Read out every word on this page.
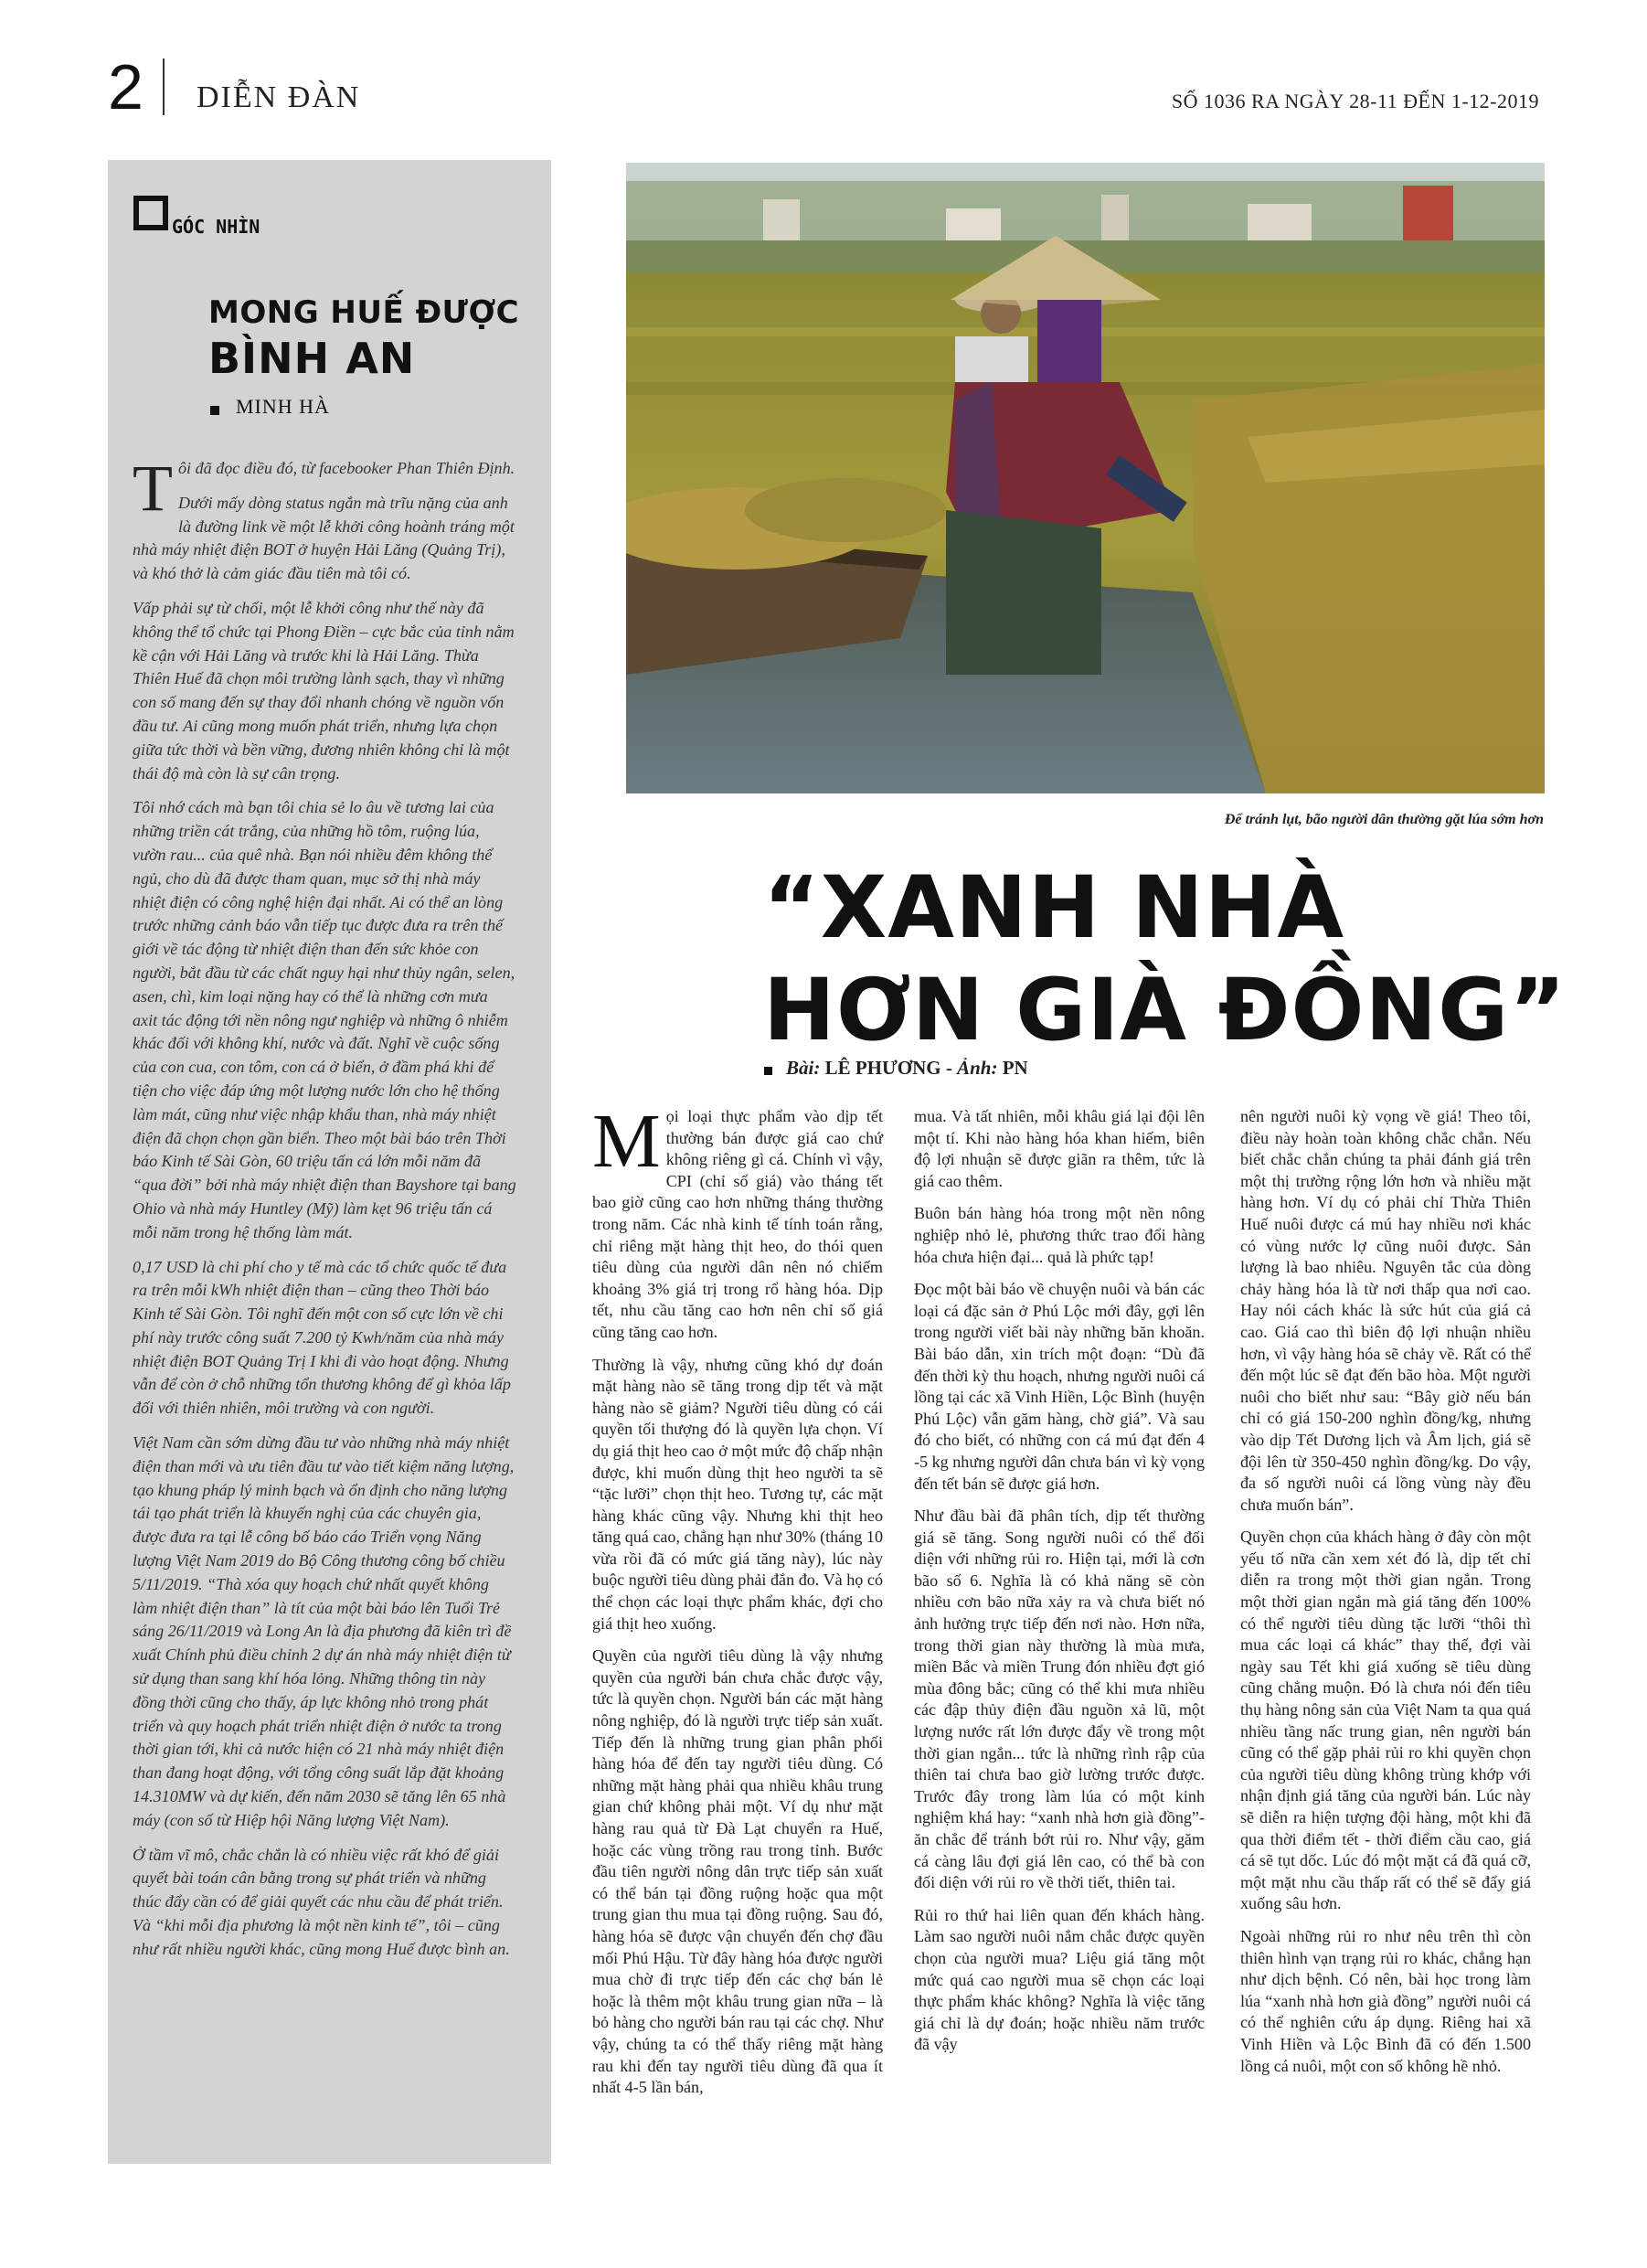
2 DIỄN ĐÀN	SỐ 1036 RA NGÀY 28-11 ĐẾN 1-12-2019
GÓC NHÌN
MONG HUẾ ĐƯỢC
BÌNH AN
MINH HÀ

Tôi đã đọc điều đó, từ facebooker Phan Thiên Định.

Dưới mấy dòng status ngắn mà trĩu nặng của anh là đường link về một lễ khởi công hoành tráng một nhà máy nhiệt điện BOT ở huyện Hải Lăng (Quảng Trị), và khó thở là cảm giác đầu tiên mà tôi có.

Vấp phải sự từ chối, một lễ khởi công như thế này đã không thể tổ chức tại Phong Điền – cực bắc của tỉnh nằm kề cận với Hải Lăng và trước khi là Hải Lăng. Thừa Thiên Huế đã chọn môi trường lành sạch, thay vì những con số mang đến sự thay đổi nhanh chóng về nguồn vốn đầu tư. Ai cũng mong muốn phát triển, nhưng lựa chọn giữa tức thời và bền vững, đương nhiên không chỉ là một thái độ mà còn là sự cân trọng.

Tôi nhớ cách mà bạn tôi chia sẻ lo âu về tương lai của những triền cát trắng, của những hồ tôm, ruộng lúa, vườn rau... của quê nhà. Bạn nói nhiều đêm không thể ngủ, cho dù đã được tham quan, mục sở thị nhà máy nhiệt điện có công nghệ hiện đại nhất. Ai có thể an lòng trước những cảnh báo vẫn tiếp tục được đưa ra trên thế giới về tác động từ nhiệt điện than đến sức khỏe con người, bắt đầu từ các chất nguy hại như thủy ngân, selen, asen, chì, kim loại nặng hay có thể là những cơn mưa axit tác động tới nền nông ngư nghiệp và những ô nhiễm khác đối với không khí, nước và đất. Nghĩ về cuộc sống của con cua, con tôm, con cá ở biển, ở đầm phá khi để tiện cho việc đáp ứng một lượng nước lớn cho hệ thống làm mát, cũng như việc nhập khẩu than, nhà máy nhiệt điện đã chọn chọn gần biển. Theo một bài báo trên Thời báo Kinh tế Sài Gòn, 60 triệu tấn cá lớn mỗi năm đã “qua đời” bởi nhà máy nhiệt điện than Bayshore tại bang Ohio và nhà máy Huntley (Mỹ) làm kẹt 96 triệu tấn cá mỗi năm trong hệ thống làm mát.

0,17 USD là chi phí cho y tế mà các tổ chức quốc tế đưa ra trên mỗi kWh nhiệt điện than – cũng theo Thời báo Kinh tế Sài Gòn. Tôi nghĩ đến một con số cực lớn về chi phí này trước công suất 7.200 tỷ Kwh/năm của nhà máy nhiệt điện BOT Quảng Trị I khi đi vào hoạt động. Nhưng vẫn để còn ở chỗ những tổn thương không để gì khỏa lấp đối với thiên nhiên, môi trường và con người.

Việt Nam cần sớm dừng đầu tư vào những nhà máy nhiệt điện than mới và ưu tiên đầu tư vào tiết kiệm năng lượng, tạo khung pháp lý minh bạch và ổn định cho năng lượng tái tạo phát triển là khuyến nghị của các chuyên gia, được đưa ra tại lễ công bố báo cáo Triển vọng Năng lượng Việt Nam 2019 do Bộ Công thương công bố chiều 5/11/2019. “Thà xóa quy hoạch chứ nhất quyết không làm nhiệt điện than” là tít của một bài báo lên Tuổi Trẻ sáng 26/11/2019 và Long An là địa phương đã kiên trì đề xuất Chính phủ điều chỉnh 2 dự án nhà máy nhiệt điện từ sử dụng than sang khí hóa lỏng. Những thông tin này đồng thời cũng cho thấy, áp lực không nhỏ trong phát triển và quy hoạch phát triển nhiệt điện ở nước ta trong thời gian tới, khi cả nước hiện có 21 nhà máy nhiệt điện than đang hoạt động, với tổng công suất lắp đặt khoảng 14.310MW và dự kiến, đến năm 2030 sẽ tăng lên 65 nhà máy (con số từ Hiệp hội Năng lượng Việt Nam).

Ở tầm vĩ mô, chắc chắn là có nhiều việc rất khó để giải quyết bài toán cân bằng trong sự phát triển và những thúc đẩy cần có để giải quyết các nhu cầu để phát triển. Và “khi mỗi địa phương là một nền kinh tế”, tôi – cũng như rất nhiều người khác, cũng mong Huế được bình an.

Để tránh lụt, bão người dân thường gặt lúa sớm hơn
“XANH NHÀ
HƠN GIÀ ĐỒNG”
Bài: LÊ PHƯƠNG - Ảnh: PN

Mọi loại thực phẩm vào dịp tết thường bán được giá cao chứ không riêng gì cá. Chính vì vậy, CPI (chỉ số giá) vào tháng tết bao giờ cũng cao hơn những tháng thường trong năm. Các nhà kinh tế tính toán rằng, chỉ riêng mặt hàng thịt heo, do thói quen tiêu dùng của người dân nên nó chiếm khoảng 3% giá trị trong rổ hàng hóa. Dịp tết, nhu cầu tăng cao hơn nên chỉ số giá cũng tăng cao hơn.

Thường là vậy, nhưng cũng khó dự đoán mặt hàng nào sẽ tăng trong dịp tết và mặt hàng nào sẽ giảm? Người tiêu dùng có cái quyền tối thượng đó là quyền lựa chọn. Ví dụ giá thịt heo cao ở một mức độ chấp nhận được, khi muốn dùng thịt heo người ta sẽ “tặc lưỡi” chọn thịt heo. Tương tự, các mặt hàng khác cũng vậy. Nhưng khi thịt heo tăng quá cao, chẳng hạn như 30% (tháng 10 vừa rồi đã có mức giá tăng này), lúc này buộc người tiêu dùng phải đắn đo. Và họ có thể chọn các loại thực phẩm khác, đợi cho giá thịt heo xuống.

Quyền của người tiêu dùng là vậy nhưng quyền của người bán chưa chắc được vậy, tức là quyền chọn. Người bán các mặt hàng nông nghiệp, đó là người trực tiếp sản xuất. Tiếp đến là những trung gian phân phối hàng hóa để đến tay người tiêu dùng. Có những mặt hàng phải qua nhiều khâu trung gian chứ không phải một. Ví dụ như mặt hàng rau quả từ Đà Lạt chuyển ra Huế, hoặc các vùng trồng rau trong tỉnh. Bước đầu tiên người nông dân trực tiếp sản xuất có thể bán tại đồng ruộng hoặc qua một trung gian thu mua tại đồng ruộng. Sau đó, hàng hóa sẽ được vận chuyển đến chợ đầu mối Phú Hậu. Từ đây hàng hóa được người mua chờ đi trực tiếp đến các chợ bán lẻ hoặc là thêm một khâu trung gian nữa – là bỏ hàng cho người bán rau tại các chợ. Như vậy, chúng ta có thể thấy riêng mặt hàng rau khi đến tay người tiêu dùng đã qua ít nhất 4-5 lần bán,

mua. Và tất nhiên, mỗi khâu giá lại đội lên một tí. Khi nào hàng hóa khan hiếm, biên độ lợi nhuận sẽ được giãn ra thêm, tức là giá cao thêm.

Buôn bán hàng hóa trong một nền nông nghiệp nhỏ lẻ, phương thức trao đổi hàng hóa chưa hiện đại... quả là phức tạp!

Đọc một bài báo về chuyện nuôi và bán các loại cá đặc sản ở Phú Lộc mới đây, gợi lên trong người viết bài này những băn khoăn. Bài báo dẫn, xin trích một đoạn: “Dù đã đến thời kỳ thu hoạch, nhưng người nuôi cá lồng tại các xã Vinh Hiền, Lộc Bình (huyện Phú Lộc) vẫn găm hàng, chờ giá”. Và sau đó cho biết, có những con cá mú đạt đến 4 -5 kg nhưng người dân chưa bán vì kỳ vọng đến tết bán sẽ được giá hơn.

Như đầu bài đã phân tích, dịp tết thường giá sẽ tăng. Song người nuôi có thể đối diện với những rủi ro. Hiện tại, mới là cơn bão số 6. Nghĩa là có khả năng sẽ còn nhiều cơn bão nữa xảy ra và chưa biết nó ảnh hưởng trực tiếp đến nơi nào. Hơn nữa, trong thời gian này thường là mùa mưa, miền Bắc và miền Trung đón nhiều đợt gió mùa đông bắc; cũng có thể khi mưa nhiều các đập thủy điện đầu nguồn xả lũ, một lượng nước rất lớn được đẩy về trong một thời gian ngắn... tức là những rình rập của thiên tai chưa bao giờ lường trước được. Trước đây trong làm lúa có một kinh nghiệm khá hay: “xanh nhà hơn già đồng”- ăn chắc để tránh bớt rủi ro. Như vậy, găm cá càng lâu đợi giá lên cao, có thể bà con đối diện với rủi ro về thời tiết, thiên tai.

Rủi ro thứ hai liên quan đến khách hàng. Làm sao người nuôi nắm chắc được quyền chọn của người mua? Liệu giá tăng một mức quá cao người mua sẽ chọn các loại thực phẩm khác không? Nghĩa là việc tăng giá chỉ là dự đoán; hoặc nhiều năm trước đã vậy

nên người nuôi kỳ vọng về giá! Theo tôi, điều này hoàn toàn không chắc chắn. Nếu biết chắc chắn chúng ta phải đánh giá trên một thị trường rộng lớn hơn và nhiều mặt hàng hơn. Ví dụ có phải chỉ Thừa Thiên Huế nuôi được cá mú hay nhiều nơi khác có vùng nước lợ cũng nuôi được. Sản lượng là bao nhiêu. Nguyên tắc của dòng chảy hàng hóa là từ nơi thấp qua nơi cao. Hay nói cách khác là sức hút của giá cả cao. Giá cao thì biên độ lợi nhuận nhiều hơn, vì vậy hàng hóa sẽ chảy về. Rất có thể đến một lúc sẽ đạt đến bão hòa. Một người nuôi cho biết như sau: “Bây giờ nếu bán chỉ có giá 150-200 nghìn đồng/kg, nhưng vào dịp Tết Dương lịch và Âm lịch, giá sẽ đội lên từ 350-450 nghìn đồng/kg. Do vậy, đa số người nuôi cá lồng vùng này đều chưa muốn bán”.

Quyền chọn của khách hàng ở đây còn một yếu tố nữa cần xem xét đó là, dịp tết chỉ diễn ra trong một thời gian ngắn. Trong một thời gian ngắn mà giá tăng đến 100% có thể người tiêu dùng tặc lưỡi “thôi thì mua các loại cá khác” thay thế, đợi vài ngày sau Tết khi giá xuống sẽ tiêu dùng cũng chẳng muộn. Đó là chưa nói đến tiêu thụ hàng nông sản của Việt Nam ta qua quá nhiều tầng nấc trung gian, nên người bán cũng có thể gặp phải rủi ro khi quyền chọn của người tiêu dùng không trùng khớp với nhận định giá tăng của người bán. Lúc này sẽ diễn ra hiện tượng đội hàng, một khi đã qua thời điểm tết - thời điểm cầu cao, giá cá sẽ tụt dốc. Lúc đó một mặt cá đã quá cỡ, một mặt nhu cầu thấp rất có thể sẽ đẩy giá xuống sâu hơn.

Ngoài những rủi ro như nêu trên thì còn thiên hình vạn trạng rủi ro khác, chẳng hạn như dịch bệnh. Có nên, bài học trong làm lúa “xanh nhà hơn già đồng” người nuôi cá có thể nghiên cứu áp dụng. Riêng hai xã Vinh Hiền và Lộc Bình đã có đến 1.500 lồng cá nuôi, một con số không hề nhỏ.
